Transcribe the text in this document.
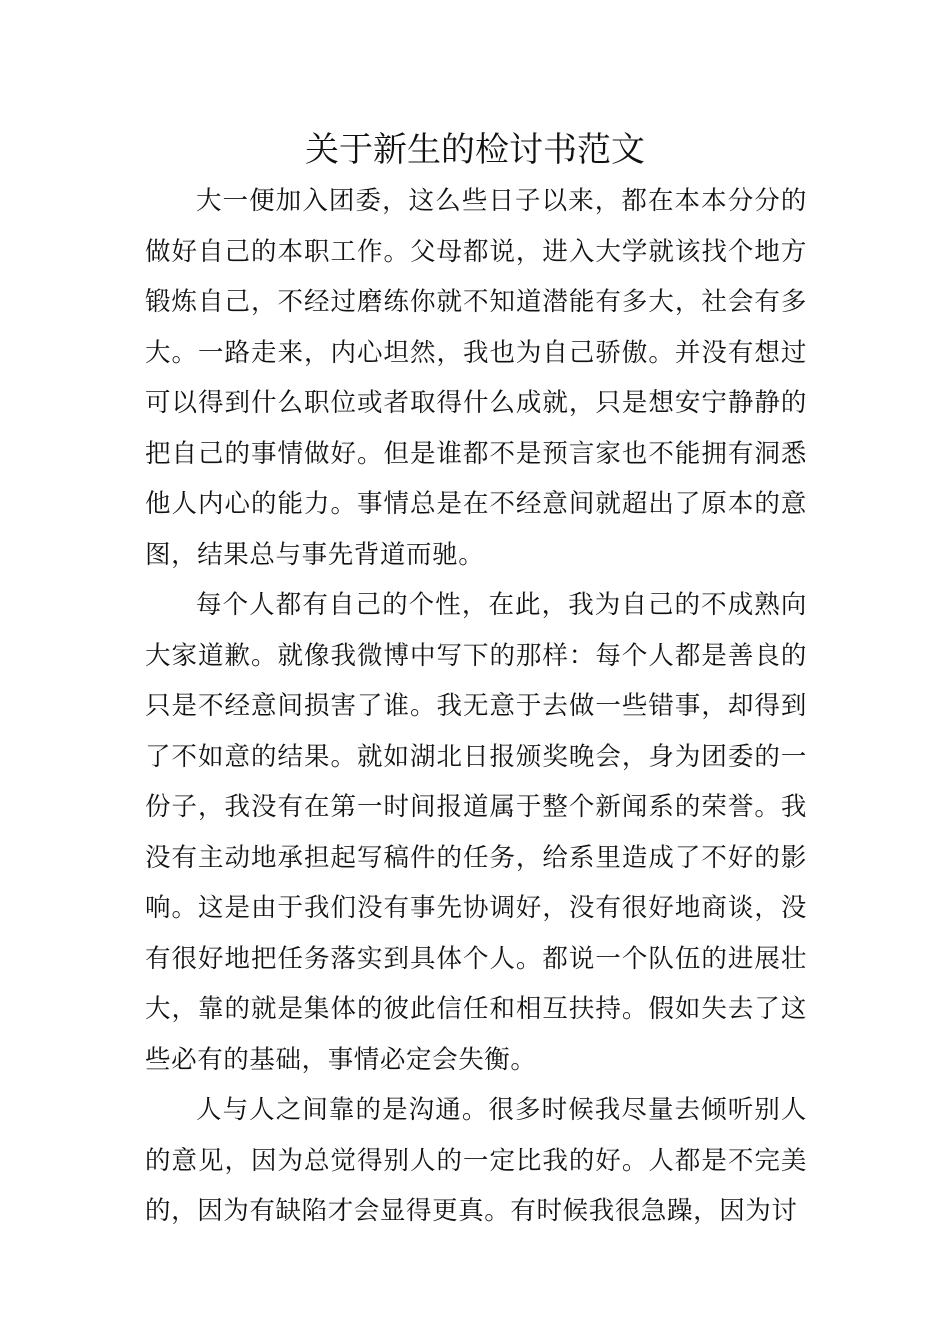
关于新生的检讨书范文

大一便加入团委，这么些日子以来，都在本本分分的做好自己的本职工作。父母都说，进入大学就该找个地方锻炼自己，不经过磨练你就不知道潜能有多大，社会有多大。一路走来，内心坦然，我也为自己骄傲。并没有想过可以得到什么职位或者取得什么成就，只是想安宁静静的把自己的事情做好。但是谁都不是预言家也不能拥有洞悉他人内心的能力。事情总是在不经意间就超出了原本的意图，结果总与事先背道而驰。

每个人都有自己的个性，在此，我为自己的不成熟向大家道歉。就像我微博中写下的那样：每个人都是善良的只是不经意间损害了谁。我无意于去做一些错事，却得到了不如意的结果。就如湖北日报颁奖晚会，身为团委的一份子，我没有在第一时间报道属于整个新闻系的荣誉。我没有主动地承担起写稿件的任务，给系里造成了不好的影响。这是由于我们没有事先协调好，没有很好地商谈，没有很好地把任务落实到具体个人。都说一个队伍的进展壮大，靠的就是集体的彼此信任和相互扶持。假如失去了这些必有的基础，事情必定会失衡。

人与人之间靠的是沟通。很多时候我尽量去倾听别人的意见，因为总觉得别人的一定比我的好。人都是不完美的，因为有缺陷才会显得更真。有时候我很急躁，因为讨
